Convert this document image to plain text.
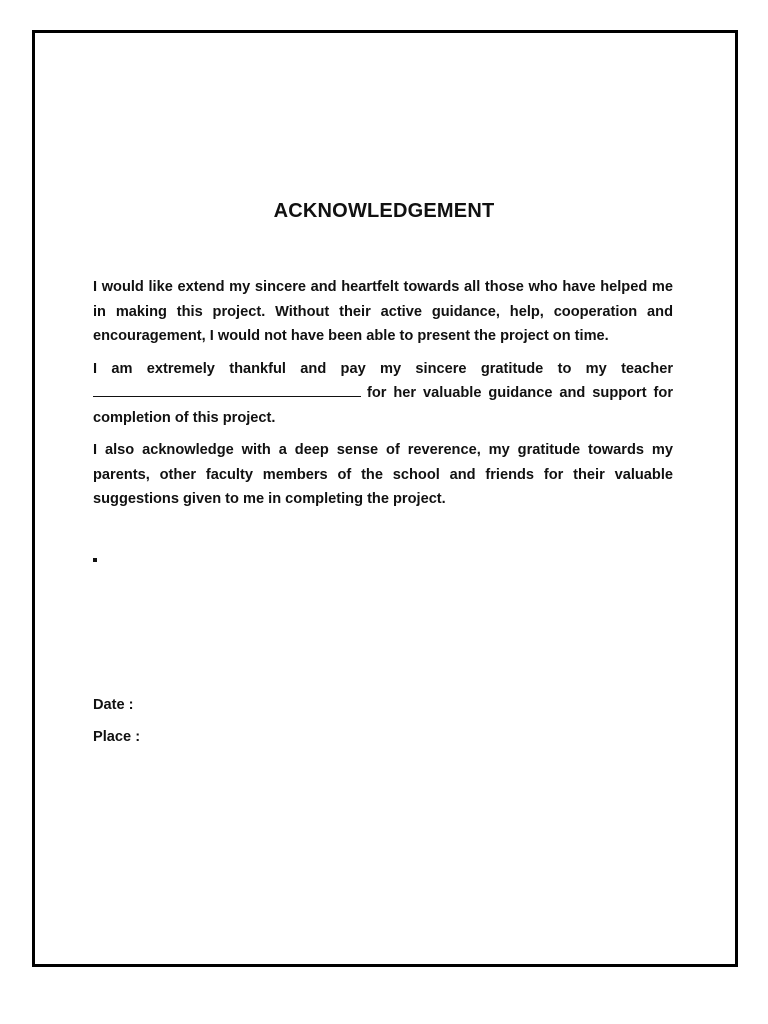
ACKNOWLEDGEMENT

I would like extend my sincere and heartfelt towards all those who have helped me in making this project. Without their active guidance, help, cooperation and encouragement, I would not have been able to present the project on time.

I am extremely thankful and pay my sincere gratitude to my teacher for her valuable guidance and support for completion of this project.

I also acknowledge with a deep sense of reverence, my gratitude towards my parents, other faculty members of the school and friends for their valuable suggestions given to me in completing the project.

Date :
Place :
